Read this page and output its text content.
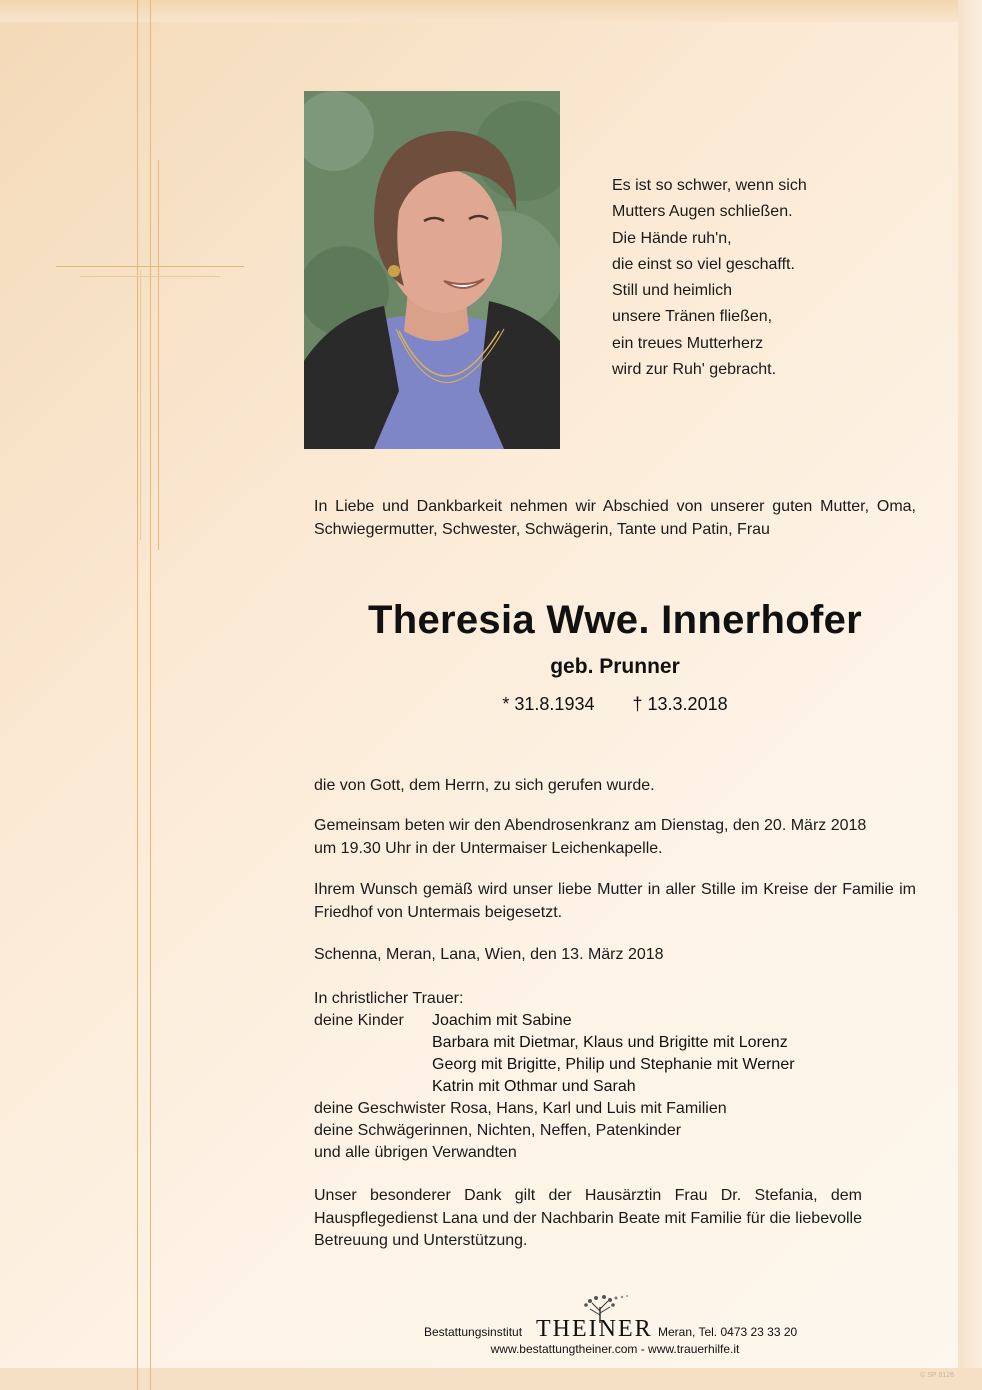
Es ist so schwer, wenn sich
Mutters Augen schließen.
Die Hände ruh'n,
die einst so viel geschafft.
Still und heimlich
unsere Tränen fließen,
ein treues Mutterherz
wird zur Ruh' gebracht.
In Liebe und Dankbarkeit nehmen wir Abschied von unserer guten Mutter, Oma, Schwiegermutter, Schwester, Schwägerin, Tante und Patin, Frau
Theresia Wwe. Innerhofer
geb. Prunner
* 31.8.1934 † 13.3.2018
die von Gott, dem Herrn, zu sich gerufen wurde.
Gemeinsam beten wir den Abendrosenkranz am Dienstag, den 20. März 2018 um 19.30 Uhr in der Untermaiser Leichenkapelle.
Ihrem Wunsch gemäß wird unser liebe Mutter in aller Stille im Kreise der Familie im Friedhof von Untermais beigesetzt.
Schenna, Meran, Lana, Wien, den 13. März 2018
In christlicher Trauer:
deine Kinder	Joachim mit Sabine
Barbara mit Dietmar, Klaus und Brigitte mit Lorenz
Georg mit Brigitte, Philip und Stephanie mit Werner
Katrin mit Othmar und Sarah
deine Geschwister Rosa, Hans, Karl und Luis mit Familien
deine Schwägerinnen, Nichten, Neffen, Patenkinder
und alle übrigen Verwandten
Unser besonderer Dank gilt der Hausärztin Frau Dr. Stefania, dem Hauspflegedienst Lana und der Nachbarin Beate mit Familie für die liebevolle Betreuung und Unterstützung.
Bestattungsinstitut THEINER Meran, Tel. 0473 23 33 20
www.bestattungtheiner.com - www.trauerhilfe.it
© SP 8126
